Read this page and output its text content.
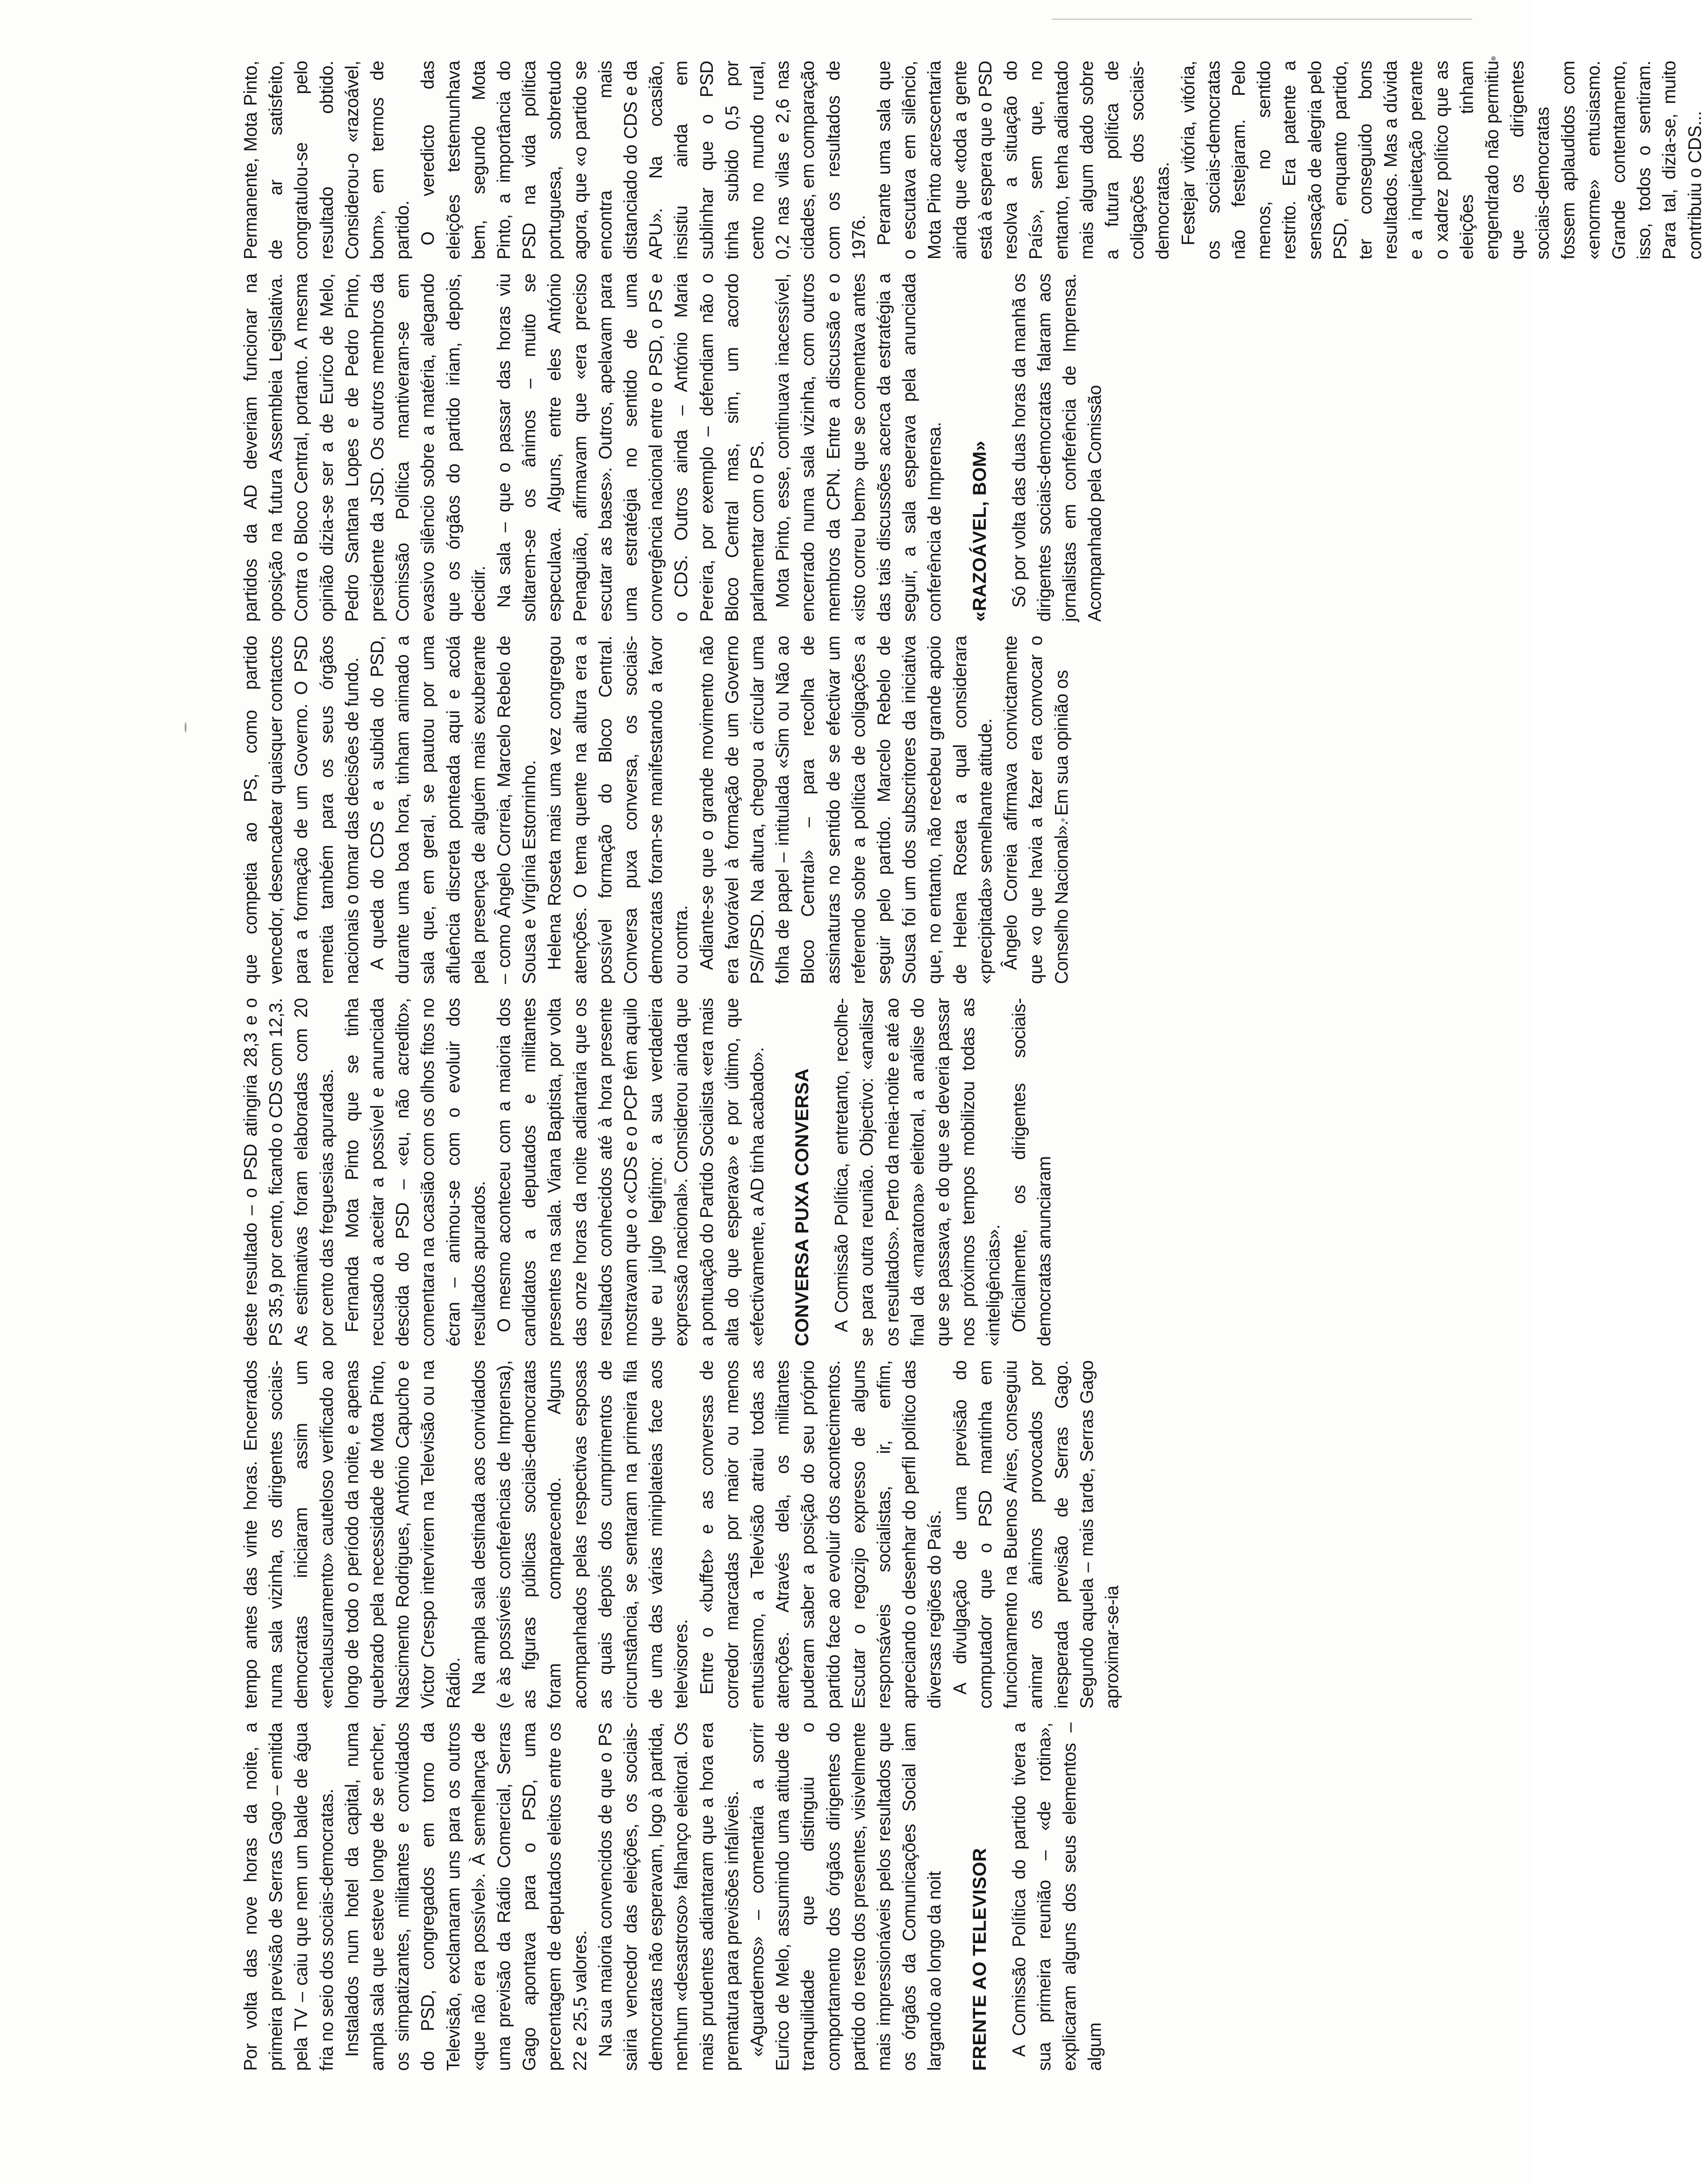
Por volta das nove horas da noite, a primeira previsão de Serras Gago – emitida pela TV – caiu que nem um balde de água fria no seio dos sociais-democratas. Instalados num hotel da capital, numa ampla sala que esteve longe de se encher, os simpatizantes, militantes e convidados do PSD, congregados em torno da Televisão, exclamaram uns para os outros «que não era possível». À semelhança de uma previsão da Rádio Comercial, Serras Gago apontava para o PSD, uma percentagem de deputados eleitos entre os 22 e 25,5 valores. Na sua maioria convencidos de que o PS sairia vencedor das eleições, os sociais-democratas não esperavam, logo à partida, nenhum «desastroso» falhanço eleitoral. Os mais prudentes adiantaram que a hora era prematura para previsões infalíveis. «Aguardemos» – comentaria a sorrir Eurico de Melo, assumindo uma atitude de tranquilidade que distinguiu o comportamento dos órgãos dirigentes do partido do resto dos presentes, visivelmente mais impressionáveis pelos resultados que os órgãos da Comunicações Social iam largando ao longo da noit FRENTE AO TELEVISOR A Comissão Política do partido tivera a sua primeira reunião – «de rotina», explicaram alguns dos seus elementos – algum

tempo antes das vinte horas. Encerrados numa sala vizinha, os dirigentes sociais-democratas iniciaram assim um «enclausuramento» cauteloso verificado ao longo de todo o período da noite, e apenas quebrado pela necessidade de Mota Pinto, Nascimento Rodrigues, António Capucho e Victor Crespo intervirem na Televisão ou na Rádio. Na ampla sala destinada aos convidados (e às possíveis conferências de Imprensa), as figuras públicas sociais-democratas foram comparecendo. Alguns acompanhados pelas respectivas esposas as quais depois dos cumprimentos de circunstância, se sentaram na primeira fila de uma das várias miniplateias face aos televisores. Entre o «buffet» e as conversas de corredor marcadas por maior ou menos entusiasmo, a Televisão atraiu todas as atenções. Através dela, os militantes puderam saber a posição do seu próprio partido face ao evoluir dos acontecimentos. Escutar o regozijo expresso de alguns responsáveis socialistas, ir, enfim, apreciando o desenhar do perfil político das diversas regiões do País. A divulgação de uma previsão do computador que o PSD mantinha em funcionamento na Buenos Aires, conseguiu animar os ânimos provocados por inesperada previsão de Serras Gago. Segundo aquela – mais tarde, Serras Gago aproximar-se-ia

deste resultado – o PSD atingiria 28,3 e o PS 35,9 por cento, ficando o CDS com 12,3. As estimativas foram elaboradas com 20 por cento das freguesias apuradas. Fernanda Mota Pinto que se tinha recusado a aceitar a possível e anunciada descida do PSD – «eu, não acredito», comentara na ocasião com os olhos fitos no écran – animou-se com o evoluir dos resultados apurados. O mesmo aconteceu com a maioria dos candidatos a deputados e militantes presentes na sala. Viana Baptista, por volta das onze horas da noite adiantaria que os resultados conhecidos até à hora presente mostravam que o «CDS e o PCP têm aquilo que eu julgo legítimo: a sua verdadeira expressão nacional». Considerou ainda que a pontuação do Partido Socialista «era mais alta do que esperava» e por último, que «efectivamente, a AD tinha acabado». CONVERSA PUXA CONVERSA A Comissão Política, entretanto, recolhe-se para outra reunião. Objectivo: «analisar os resultados». Perto da meia-noite e até ao final da «maratona» eleitoral, a análise do que se passava, e do que se deveria passar nos próximos tempos mobilizou todas as «inteligências». Oficialmente, os dirigentes sociais-democratas anunciaram

que competia ao PS, como partido vencedor, desencadear quaisquer contactos para a formação de um Governo. O PSD remetia também para os seus órgãos nacionais o tomar das decisões de fundo. A queda do CDS e a subida do PSD, durante uma boa hora, tinham animado a sala que, em geral, se pautou por uma afluência discreta ponteada aqui e acolá pela presença de alguém mais exuberante – como Ângelo Correia, Marcelo Rebelo de Sousa e Virgínia Estorninho. Helena Roseta mais uma vez congregou atenções. O tema quente na altura era a possível formação do Bloco Central. Conversa puxa conversa, os sociais-democratas foram-se manifestando a favor ou contra. Adiante-se que o grande movimento não era favorável à formação de um Governo PS//PSD. Na altura, chegou a circular uma folha de papel – intitulada «Sim ou Não ao Bloco Central» – para recolha de assinaturas no sentido de se efectivar um referendo sobre a política de coligações a seguir pelo partido. Marcelo Rebelo de Sousa foi um dos subscritores da iniciativa que, no entanto, não recebeu grande apoio de Helena Roseta a qual considerara «precipitada» semelhante atitude. Ângelo Correia afirmava convictamente que «o que havia a fazer era convocar o Conselho Nacional». Em sua opinião os

partidos da AD deveriam funcionar na oposição na futura Assembleia Legislativa. Contra o Bloco Central, portanto. A mesma opinião dizia-se ser a de Eurico de Melo, Pedro Santana Lopes e de Pedro Pinto, presidente da JSD. Os outros membros da Comissão Política mantiveram-se em evasivo silêncio sobre a matéria, alegando que os órgãos do partido iriam, depois, decidir. Na sala – que o passar das horas viu soltarem-se os ânimos – muito se especulava. Alguns, entre eles António Penaguião, afirmavam que «era preciso escutar as bases». Outros, apelavam para uma estratégia no sentido de uma convergência nacional entre o PSD, o PS e o CDS. Outros ainda – António Maria Pereira, por exemplo – defendiam não o Bloco Central mas, sim, um acordo parlamentar com o PS. Mota Pinto, esse, continuava inacessível, encerrado numa sala vizinha, com outros membros da CPN. Entre a discussão e o «isto correu bem» que se comentava antes das tais discussões acerca da estratégia a seguir, a sala esperava pela anunciada conferência de Imprensa. «RAZOÁVEL, BOM» Só por volta das duas horas da manhã os dirigentes sociais-democratas falaram aos jornalistas em conferência de Imprensa. Acompanhado pela Comissão

Permanente, Mota Pinto, de ar satisfeito, congratulou-se pelo resultado obtido. Considerou-o «razoável, bom», em termos de partido. O veredicto das eleições testemunhava bem, segundo Mota Pinto, a importância do PSD na vida política portuguesa, sobretudo agora, que «o partido se encontra mais distanciado do CDS e da APU». Na ocasião, insistiu ainda em sublinhar que o PSD tinha subido 0,5 por cento no mundo rural, 0,2 nas vilas e 2,6 nas cidades, em comparação com os resultados de 1976. Perante uma sala que o escutava em silêncio, Mota Pinto acrescentaria ainda que «toda a gente está à espera que o PSD resolva a situação do País», sem que, no entanto, tenha adiantado mais algum dado sobre a futura política de coligações dos sociais-democratas. Festejar vitória, vitória, os sociais-democratas não festejaram. Pelo menos, no sentido restrito. Era patente a sensação de alegria pelo PSD, enquanto partido, ter conseguido bons resultados. Mas a dúvida e a inquietação perante o xadrez político que as eleições tinham engendrado não permitiu que os dirigentes sociais-democratas fossem aplaudidos com «enorme» entusiasmo. Grande contentamento, isso, todos o sentiram. Para tal, dizia-se, muito contribuiu o CDS...
